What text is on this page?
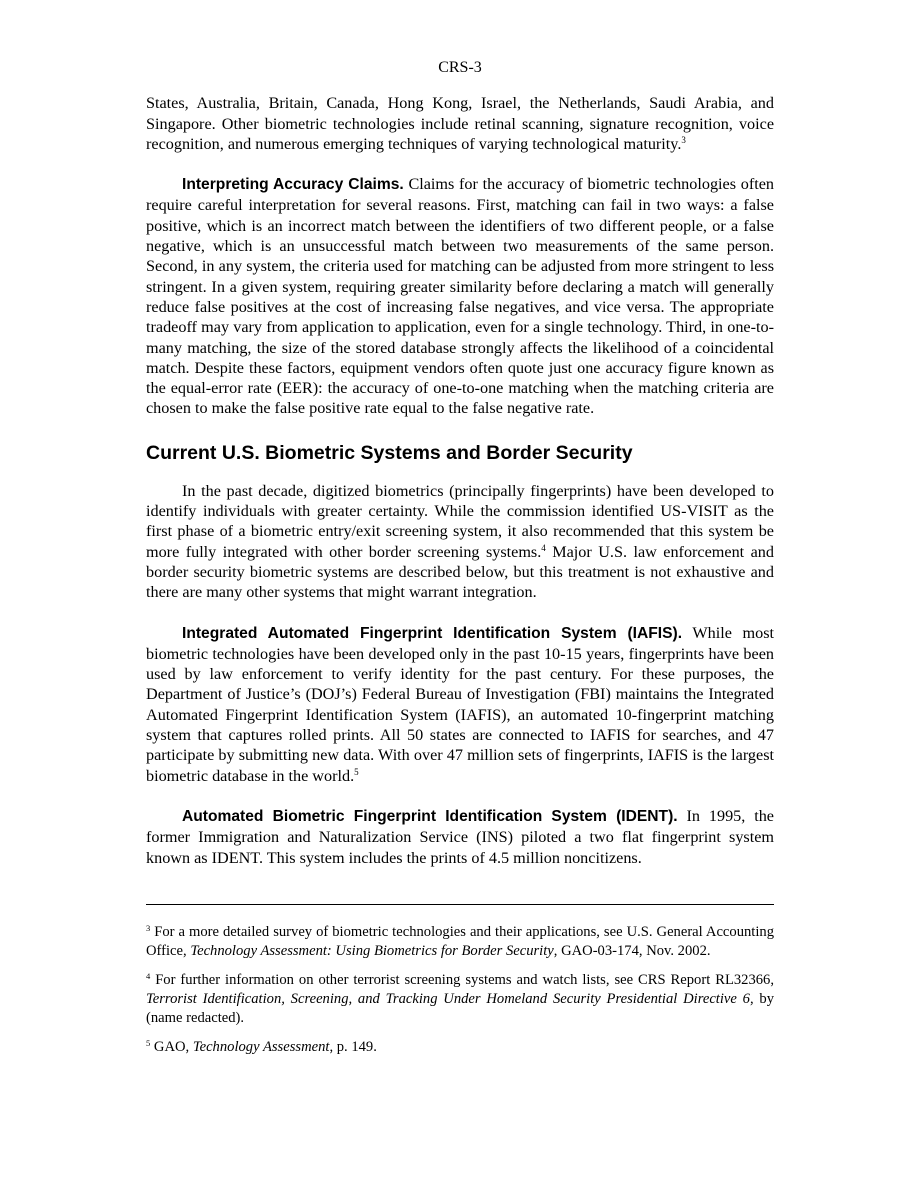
CRS-3

States, Australia, Britain, Canada, Hong Kong, Israel, the Netherlands, Saudi Arabia, and Singapore. Other biometric technologies include retinal scanning, signature recognition, voice recognition, and numerous emerging techniques of varying technological maturity.$^3$

Interpreting Accuracy Claims. Claims for the accuracy of biometric technologies often require careful interpretation for several reasons. First, matching can fail in two ways: a false positive, which is an incorrect match between the identifiers of two different people, or a false negative, which is an unsuccessful match between two measurements of the same person. Second, in any system, the criteria used for matching can be adjusted from more stringent to less stringent. In a given system, requiring greater similarity before declaring a match will generally reduce false positives at the cost of increasing false negatives, and vice versa. The appropriate tradeoff may vary from application to application, even for a single technology. Third, in one-to-many matching, the size of the stored database strongly affects the likelihood of a coincidental match. Despite these factors, equipment vendors often quote just one accuracy figure known as the equal-error rate (EER): the accuracy of one-to-one matching when the matching criteria are chosen to make the false positive rate equal to the false negative rate.

Current U.S. Biometric Systems and Border Security

In the past decade, digitized biometrics (principally fingerprints) have been developed to identify individuals with greater certainty. While the commission identified US-VISIT as the first phase of a biometric entry/exit screening system, it also recommended that this system be more fully integrated with other border screening systems.$^4$ Major U.S. law enforcement and border security biometric systems are described below, but this treatment is not exhaustive and there are many other systems that might warrant integration.

Integrated Automated Fingerprint Identification System (IAFIS). While most biometric technologies have been developed only in the past 10-15 years, fingerprints have been used by law enforcement to verify identity for the past century. For these purposes, the Department of Justice’s (DOJ’s) Federal Bureau of Investigation (FBI) maintains the Integrated Automated Fingerprint Identification System (IAFIS), an automated 10-fingerprint matching system that captures rolled prints. All 50 states are connected to IAFIS for searches, and 47 participate by submitting new data. With over 47 million sets of fingerprints, IAFIS is the largest biometric database in the world.$^5$

Automated Biometric Fingerprint Identification System (IDENT). In 1995, the former Immigration and Naturalization Service (INS) piloted a two flat fingerprint system known as IDENT. This system includes the prints of 4.5 million noncitizens.

$^3$ For a more detailed survey of biometric technologies and their applications, see U.S. General Accounting Office, Technology Assessment: Using Biometrics for Border Security, GAO-03-174, Nov. 2002.

$^4$ For further information on other terrorist screening systems and watch lists, see CRS Report RL32366, Terrorist Identification, Screening, and Tracking Under Homeland Security Presidential Directive 6, by (name redacted).

$^5$ GAO, Technology Assessment, p. 149.
